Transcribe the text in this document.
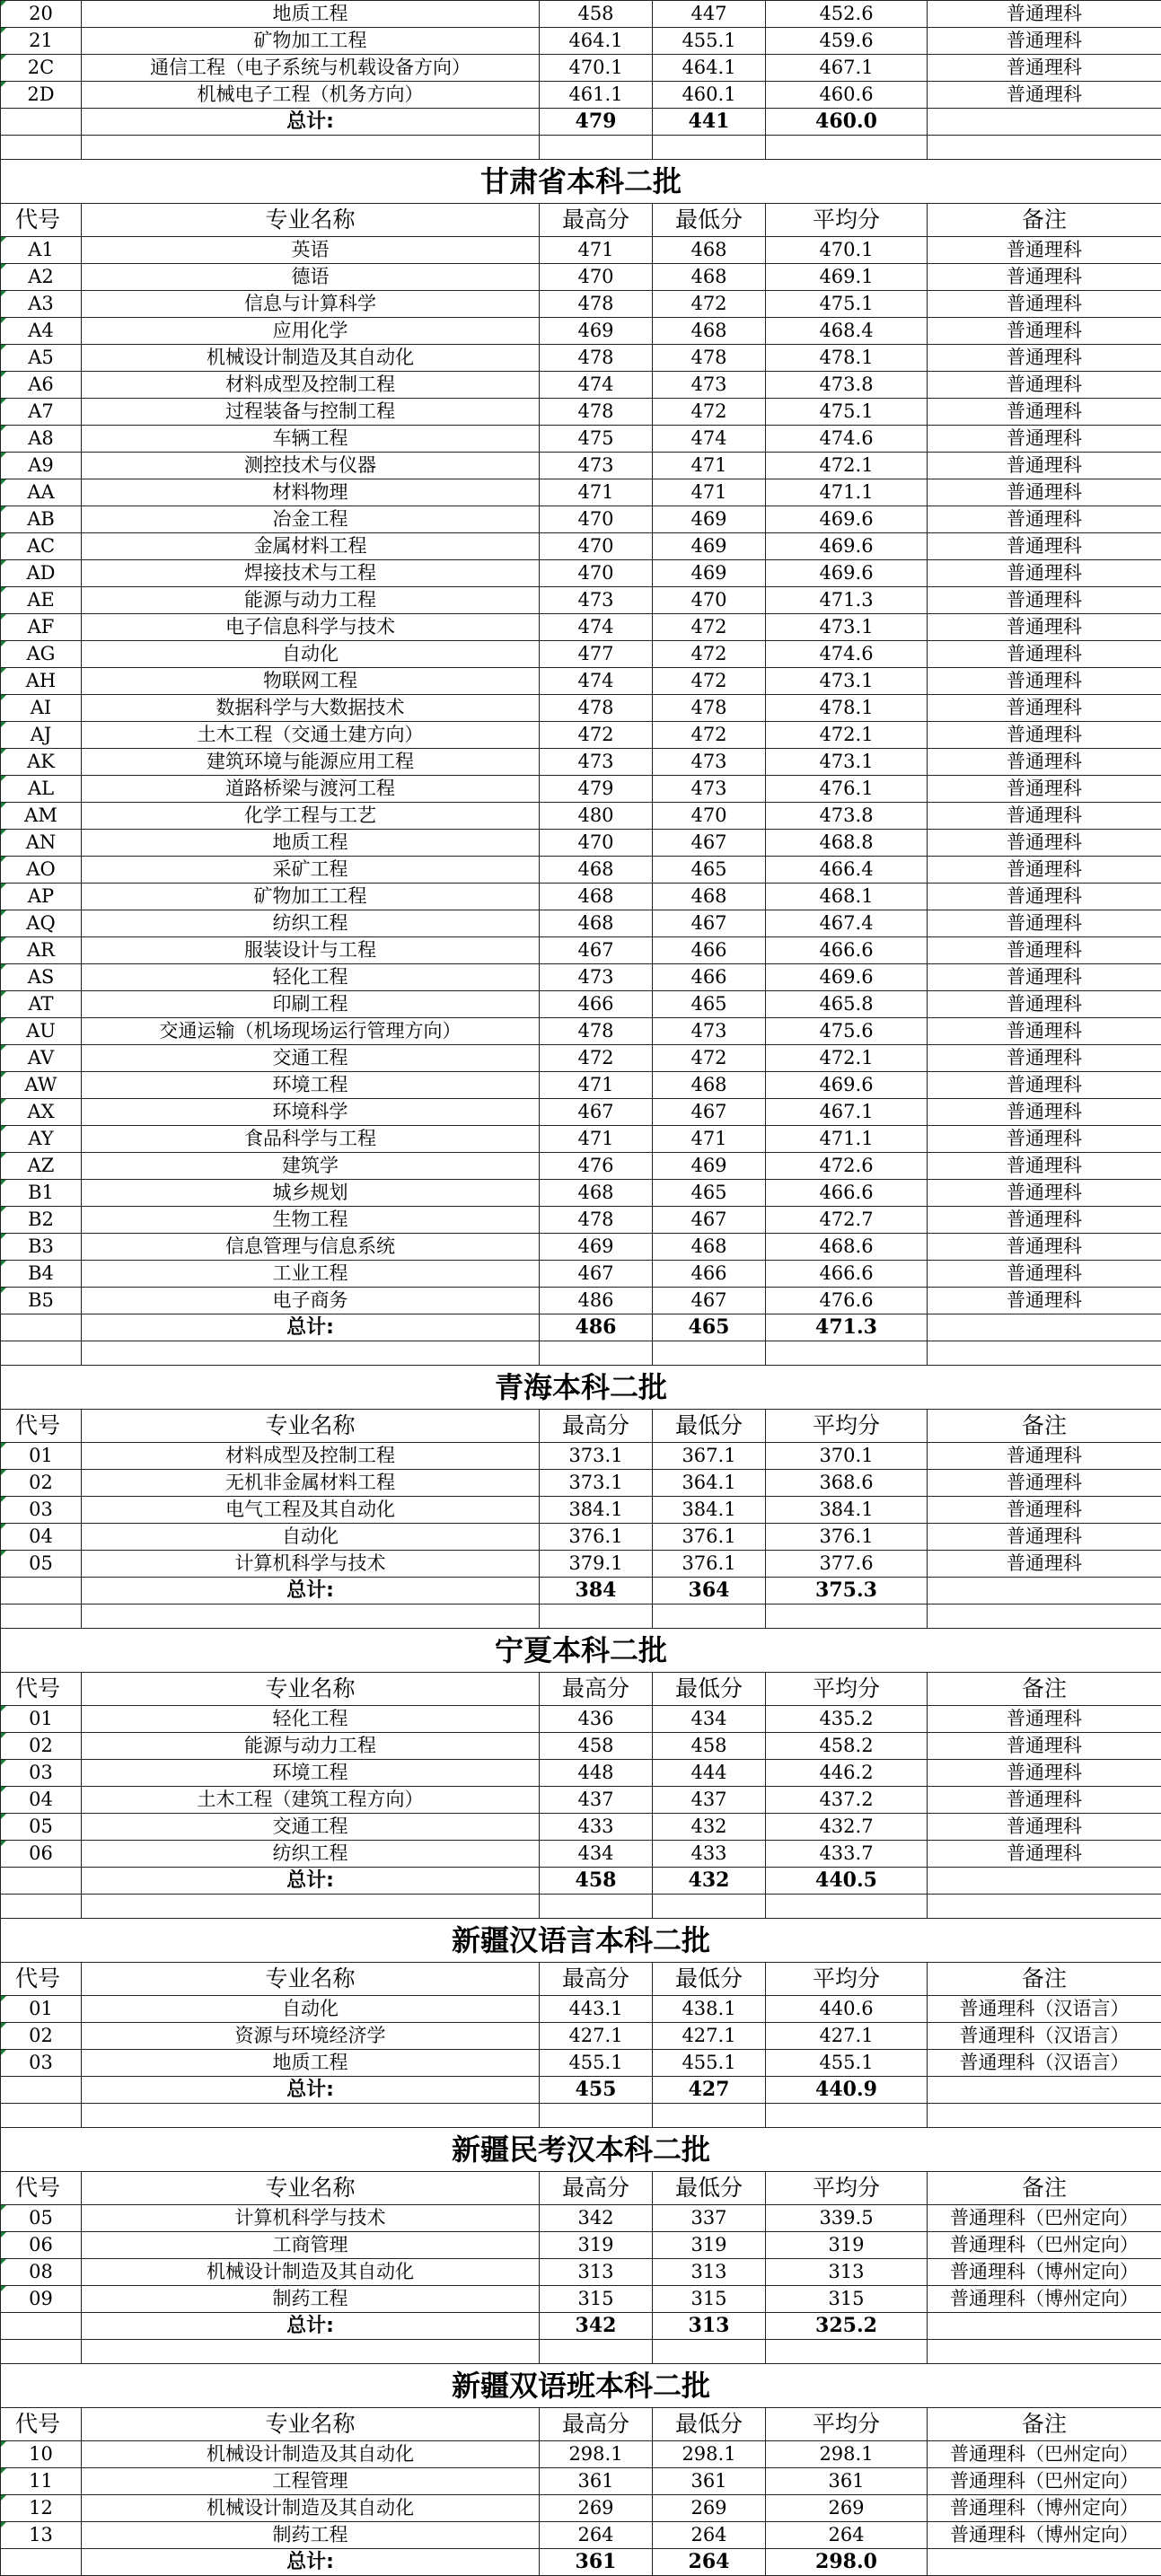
20	地质工程	458	447	452.6	普通理科
21	矿物加工工程	464.1	455.1	459.6	普通理科
2C	通信工程（电子系统与机载设备方向）	470.1	464.1	467.1	普通理科
2D	机械电子工程（机务方向）	461.1	460.1	460.6	普通理科
	总计:	479	441	460.0	

甘肃省本科二批					
代号	专业名称	最高分	最低分	平均分	备注
A1	英语	471	468	470.1	普通理科
A2	德语	470	468	469.1	普通理科
A3	信息与计算科学	478	472	475.1	普通理科
A4	应用化学	469	468	468.4	普通理科
A5	机械设计制造及其自动化	478	478	478.1	普通理科
A6	材料成型及控制工程	474	473	473.8	普通理科
A7	过程装备与控制工程	478	472	475.1	普通理科
A8	车辆工程	475	474	474.6	普通理科
A9	测控技术与仪器	473	471	472.1	普通理科
AA	材料物理	471	471	471.1	普通理科
AB	冶金工程	470	469	469.6	普通理科
AC	金属材料工程	470	469	469.6	普通理科
AD	焊接技术与工程	470	469	469.6	普通理科
AE	能源与动力工程	473	470	471.3	普通理科
AF	电子信息科学与技术	474	472	473.1	普通理科
AG	自动化	477	472	474.6	普通理科
AH	物联网工程	474	472	473.1	普通理科
AI	数据科学与大数据技术	478	478	478.1	普通理科
AJ	土木工程（交通土建方向）	472	472	472.1	普通理科
AK	建筑环境与能源应用工程	473	473	473.1	普通理科
AL	道路桥梁与渡河工程	479	473	476.1	普通理科
AM	化学工程与工艺	480	470	473.8	普通理科
AN	地质工程	470	467	468.8	普通理科
AO	采矿工程	468	465	466.4	普通理科
AP	矿物加工工程	468	468	468.1	普通理科
AQ	纺织工程	468	467	467.4	普通理科
AR	服装设计与工程	467	466	466.6	普通理科
AS	轻化工程	473	466	469.6	普通理科
AT	印刷工程	466	465	465.8	普通理科
AU	交通运输（机场现场运行管理方向）	478	473	475.6	普通理科
AV	交通工程	472	472	472.1	普通理科
AW	环境工程	471	468	469.6	普通理科
AX	环境科学	467	467	467.1	普通理科
AY	食品科学与工程	471	471	471.1	普通理科
AZ	建筑学	476	469	472.6	普通理科
B1	城乡规划	468	465	466.6	普通理科
B2	生物工程	478	467	472.7	普通理科
B3	信息管理与信息系统	469	468	468.6	普通理科
B4	工业工程	467	466	466.6	普通理科
B5	电子商务	486	467	476.6	普通理科
	总计:	486	465	471.3	

青海本科二批					
代号	专业名称	最高分	最低分	平均分	备注
01	材料成型及控制工程	373.1	367.1	370.1	普通理科
02	无机非金属材料工程	373.1	364.1	368.6	普通理科
03	电气工程及其自动化	384.1	384.1	384.1	普通理科
04	自动化	376.1	376.1	376.1	普通理科
05	计算机科学与技术	379.1	376.1	377.6	普通理科
	总计:	384	364	375.3	

宁夏本科二批					
代号	专业名称	最高分	最低分	平均分	备注
01	轻化工程	436	434	435.2	普通理科
02	能源与动力工程	458	458	458.2	普通理科
03	环境工程	448	444	446.2	普通理科
04	土木工程（建筑工程方向）	437	437	437.2	普通理科
05	交通工程	433	432	432.7	普通理科
06	纺织工程	434	433	433.7	普通理科
	总计:	458	432	440.5	

新疆汉语言本科二批					
代号	专业名称	最高分	最低分	平均分	备注
01	自动化	443.1	438.1	440.6	普通理科（汉语言）
02	资源与环境经济学	427.1	427.1	427.1	普通理科（汉语言）
03	地质工程	455.1	455.1	455.1	普通理科（汉语言）
	总计:	455	427	440.9	

新疆民考汉本科二批					
代号	专业名称	最高分	最低分	平均分	备注
05	计算机科学与技术	342	337	339.5	普通理科（巴州定向）
06	工商管理	319	319	319	普通理科（巴州定向）
08	机械设计制造及其自动化	313	313	313	普通理科（博州定向）
09	制药工程	315	315	315	普通理科（博州定向）
	总计:	342	313	325.2	

新疆双语班本科二批					
代号	专业名称	最高分	最低分	平均分	备注
10	机械设计制造及其自动化	298.1	298.1	298.1	普通理科（巴州定向）
11	工程管理	361	361	361	普通理科（巴州定向）
12	机械设计制造及其自动化	269	269	269	普通理科（博州定向）
13	制药工程	264	264	264	普通理科（博州定向）
	总计:	361	264	298.0	
